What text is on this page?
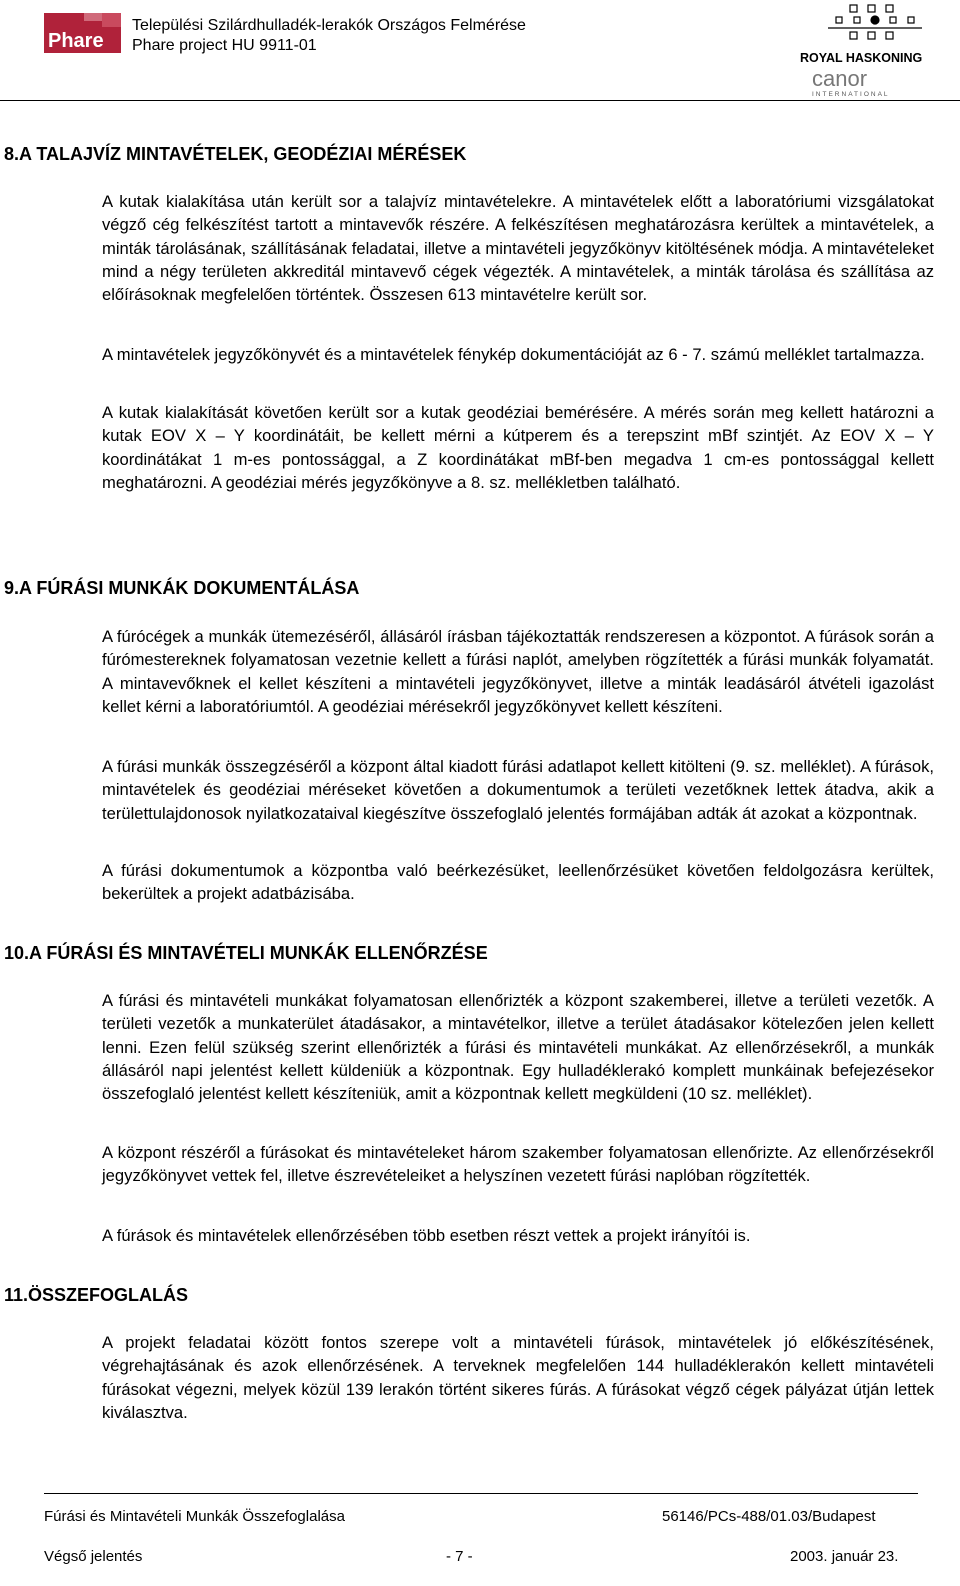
Phare
Települési Szilárdhulladék-lerakók Országos Felmérése
Phare project HU 9911-01
ROYAL HASKONING
canor
INTERNATIONAL
8.A TALAJVÍZ MINTAVÉTELEK, GEODÉZIAI MÉRÉSEK

A kutak kialakítása után került sor a talajvíz mintavételekre. A mintavételek előtt a laboratóriumi vizsgálatokat végző cég felkészítést tartott a mintavevők részére. A felkészítésen meghatározásra kerültek a mintavételek, a minták tárolásának, szállításának feladatai, illetve a mintavételi jegyzőkönyv kitöltésének módja. A mintavételeket mind a négy területen akkreditál mintavevő cégek végezték. A mintavételek, a minták tárolása és szállítása az előírásoknak megfelelően történtek. Összesen 613 mintavételre került sor.

A mintavételek jegyzőkönyvét és a mintavételek fénykép dokumentációját az 6 - 7. számú melléklet tartalmazza.

A kutak kialakítását követően került sor a kutak geodéziai bemérésére. A mérés során meg kellett határozni a kutak EOV X – Y koordinátáit, be kellett mérni a kútperem és a terepszint mBf szintjét. Az EOV X – Y koordinátákat 1 m-es pontossággal, a Z koordinátákat mBf-ben megadva 1 cm-es pontossággal kellett meghatározni. A geodéziai mérés jegyzőkönyve a 8. sz. mellékletben található.

9.A FÚRÁSI MUNKÁK DOKUMENTÁLÁSA

A fúrócégek a munkák ütemezéséről, állásáról írásban tájékoztatták rendszeresen a központot. A fúrások során a fúrómestereknek folyamatosan vezetnie kellett a fúrási naplót, amelyben rögzítették a fúrási munkák folyamatát. A mintavevőknek el kellet készíteni a mintavételi jegyzőkönyvet, illetve a minták leadásáról átvételi igazolást kellet kérni a laboratóriumtól. A geodéziai mérésekről jegyzőkönyvet kellett készíteni.

A fúrási munkák összegzéséről a központ által kiadott fúrási adatlapot kellett kitölteni (9. sz. melléklet). A fúrások, mintavételek és geodéziai méréseket követően a dokumentumok a területi vezetőknek lettek átadva, akik a területtulajdonosok nyilatkozataival kiegészítve összefoglaló jelentés formájában adták át azokat a központnak.

A fúrási dokumentumok a központba való beérkezésüket, leellenőrzésüket követően feldolgozásra kerültek, bekerültek a projekt adatbázisába.

10.A FÚRÁSI ÉS MINTAVÉTELI MUNKÁK ELLENŐRZÉSE

A fúrási és mintavételi munkákat folyamatosan ellenőrizték a központ szakemberei, illetve a területi vezetők. A területi vezetők a munkaterület átadásakor, a mintavételkor, illetve a terület átadásakor kötelezően jelen kellett lenni. Ezen felül szükség szerint ellenőrizték a fúrási és mintavételi munkákat. Az ellenőrzésekről, a munkák állásáról napi jelentést kellett küldeniük a központnak. Egy hulladéklerakó komplett munkáinak befejezésekor összefoglaló jelentést kellett készíteniük, amit a központnak kellett megküldeni (10 sz. melléklet).

A központ részéről a fúrásokat és mintavételeket három szakember folyamatosan ellenőrizte. Az ellenőrzésekről jegyzőkönyvet vettek fel, illetve észrevételeiket a helyszínen vezetett fúrási naplóban rögzítették.

A fúrások és mintavételek ellenőrzésében több esetben részt vettek a projekt irányítói is.

11.ÖSSZEFOGLALÁS

A projekt feladatai között fontos szerepe volt a mintavételi fúrások, mintavételek jó előkészítésének, végrehajtásának és azok ellenőrzésének. A terveknek megfelelően 144 hulladéklerakón kellett mintavételi fúrásokat végezni, melyek közül 139 lerakón történt sikeres fúrás. A fúrásokat végző cégek pályázat útján lettek kiválasztva.

Fúrási és Mintavételi Munkák Összefoglalása	56146/PCs-488/01.03/Budapest
Végső jelentés	- 7 -	2003. január 23.
